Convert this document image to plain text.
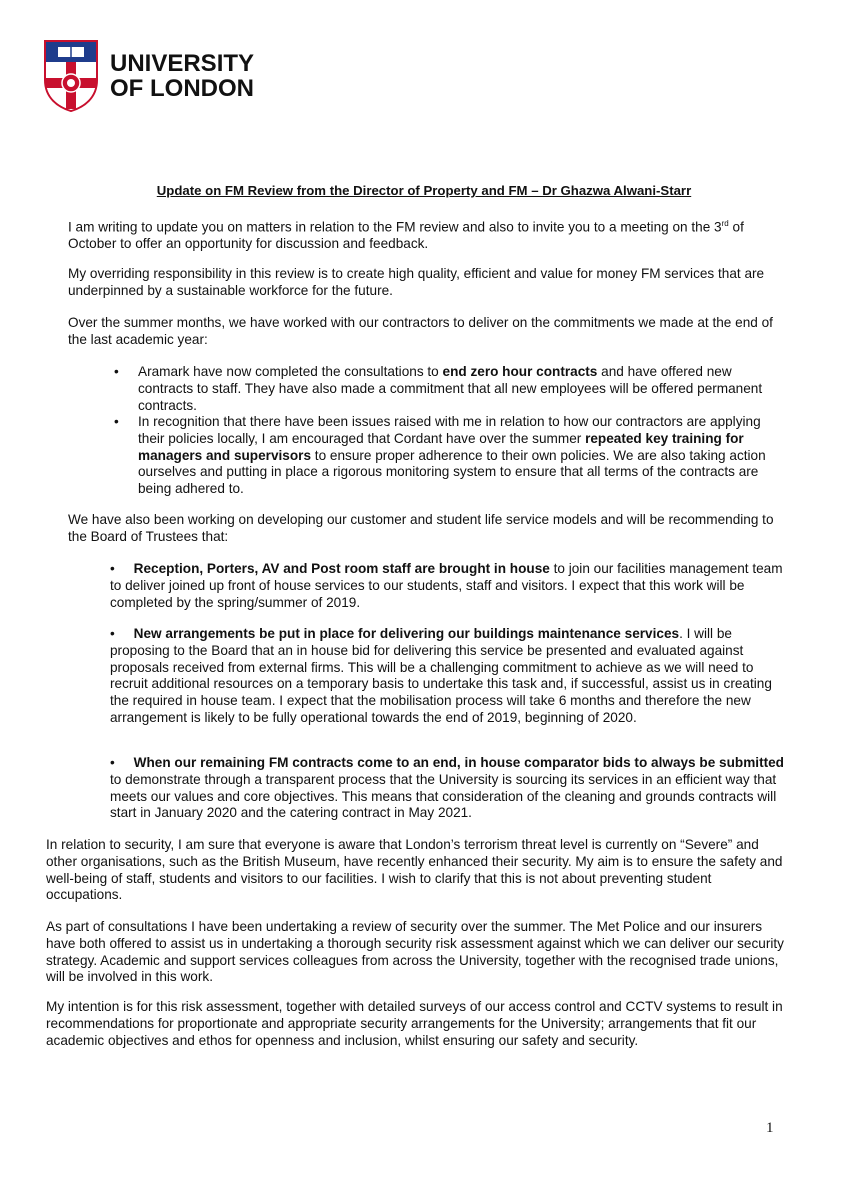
UNIVERSITY
OF LONDON
Update on FM Review from the Director of Property and FM – Dr Ghazwa Alwani-Starr

I am writing to update you on matters in relation to the FM review and also to invite you to a meeting on the 3rd of October to offer an opportunity for discussion and feedback.

My overriding responsibility in this review is to create high quality, efficient and value for money FM services that are underpinned by a sustainable workforce for the future.

Over the summer months, we have worked with our contractors to deliver on the commitments we made at the end of the last academic year:

• Aramark have now completed the consultations to end zero hour contracts and have offered new contracts to staff. They have also made a commitment that all new employees will be offered permanent contracts.

• In recognition that there have been issues raised with me in relation to how our contractors are applying their policies locally, I am encouraged that Cordant have over the summer repeated key training for managers and supervisors to ensure proper adherence to their own policies. We are also taking action ourselves and putting in place a rigorous monitoring system to ensure that all terms of the contracts are being adhered to.

We have also been working on developing our customer and student life service models and will be recommending to the Board of Trustees that:

•     Reception, Porters, AV and Post room staff are brought in house to join our facilities management team to deliver joined up front of house services to our students, staff and visitors. I expect that this work will be completed by the spring/summer of 2019.

•     New arrangements be put in place for delivering our buildings maintenance services. I will be proposing to the Board that an in house bid for delivering this service be presented and evaluated against proposals received from external firms. This will be a challenging commitment to achieve as we will need to recruit additional resources on a temporary basis to undertake this task and, if successful, assist us in creating the required in house team. I expect that the mobilisation process will take 6 months and therefore the new arrangement is likely to be fully operational towards the end of 2019, beginning of 2020.

•     When our remaining FM contracts come to an end, in house comparator bids to always be submitted to demonstrate through a transparent process that the University is sourcing its services in an efficient way that meets our values and core objectives. This means that consideration of the cleaning and grounds contracts will start in January 2020 and the catering contract in May 2021.

In relation to security, I am sure that everyone is aware that London’s terrorism threat level is currently on “Severe” and other organisations, such as the British Museum, have recently enhanced their security. My aim is to ensure the safety and well-being of staff, students and visitors to our facilities. I wish to clarify that this is not about preventing student occupations.

As part of consultations I have been undertaking a review of security over the summer. The Met Police and our insurers have both offered to assist us in undertaking a thorough security risk assessment against which we can deliver our security strategy. Academic and support services colleagues from across the University, together with the recognised trade unions, will be involved in this work.

My intention is for this risk assessment, together with detailed surveys of our access control and CCTV systems to result in recommendations for proportionate and appropriate security arrangements for the University; arrangements that fit our academic objectives and ethos for openness and inclusion, whilst ensuring our safety and security.

1
